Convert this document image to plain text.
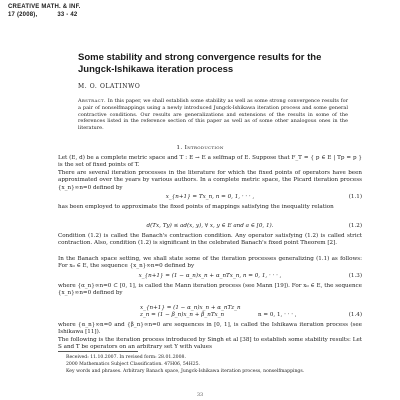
CREATIVE MATH. & INF.
17 (2008),	33 - 42
Some stability and strong convergence results for the Jungck-Ishikawa iteration process
M. O. OLATINWO
Abstract. In this paper, we shall establish some stability as well as some strong convergence results for a pair of nonselfmappings using a newly introduced Jungck-Ishikawa iteration process and some general contractive conditions. Our results are generalizations and extensions of the results in some of the references listed in the reference section of this paper as well as of some other analogous ones in the literature.
1. Introduction
Let (E, d) be a complete metric space and T : E → E a selfmap of E. Suppose that F_T = { p ∈ E | Tp = p } is the set of fixed points of T.
There are several iteration processes in the literature for which the fixed points of operators have been approximated over the years by various authors. In a complete metric space, the Picard iteration process {x_n}∞n=0 defined by
x_{n+1} = Tx_n, n = 0, 1, · · · ,	(1.1)
has been employed to approximate the fixed points of mappings satisfying the inequality relation
d(Tx, Ty) ≤ ad(x, y), ∀ x, y ∈ E and a ∈ [0, 1).	(1.2)
Condition (1.2) is called the Banach's contraction condition. Any operator satisfying (1.2) is called strict contraction. Also, condition (1.2) is significant in the celebrated Banach's fixed point Theorem [2].
In the Banach space setting, we shall state some of the iteration processes generalizing (1.1) as follows: For x₀ ∈ E, the sequence {x_n}∞n=0 defined by
x_{n+1} = (1 − α_n)x_n + α_nTx_n, n = 0, 1, · · · ,	(1.3)
where {α_n}∞n=0 ⊂ [0, 1], is called the Mann iteration process (see Mann [19]). For x₀ ∈ E, the sequence {x_n}∞n=0 defined by
x_{n+1} = (1 − α_n)x_n + α_nTz_n
z_n = (1 − β_n)x_n + β_nTx_n	n = 0, 1, · · · ,	(1.4)
where {α_n}∞n=0 and {β_n}∞n=0 are sequences in [0, 1], is called the Ishikawa iteration process (see Ishikawa [11]).
The following is the iteration process introduced by Singh et al [38] to establish some stability results: Let S and T be operators on an arbitrary set Y with values
Received: 11.10.2007. In revised form: 28.01.2008.
2000 Mathematics Subject Classification. 47H06, 54H25.
Key words and phrases. Arbitrary Banach space, Jungck-Ishikawa iteration process, nonselfmappings.
33
